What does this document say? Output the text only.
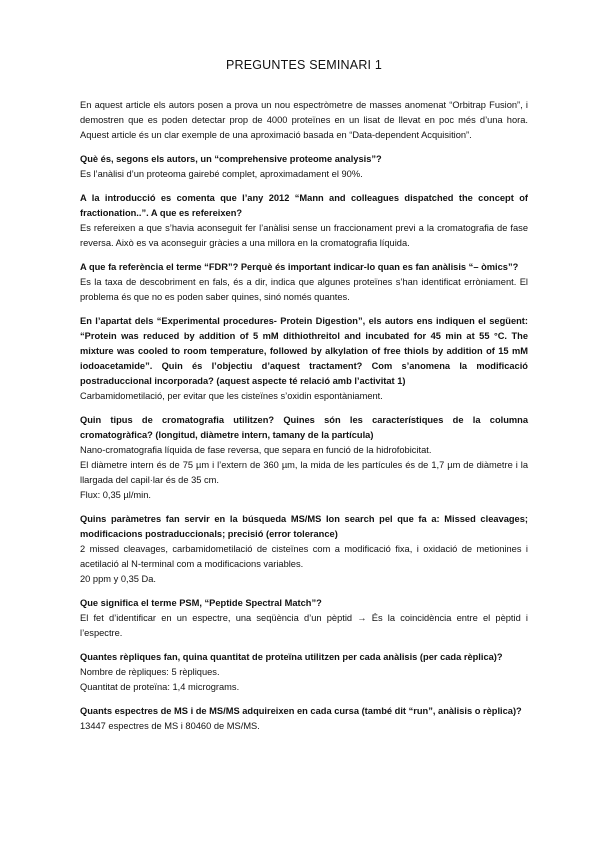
PREGUNTES SEMINARI 1

En aquest article els autors posen a prova un nou espectròmetre de masses anomenat “Orbitrap Fusion”, i demostren que es poden detectar prop de 4000 proteïnes en un lisat de llevat en poc més d’una hora. Aquest article és un clar exemple de una aproximació basada en “Data-dependent Acquisition”.

Què és, segons els autors, un “comprehensive proteome analysis”?

Es l’anàlisi d’un proteoma gairebé complet, aproximadament el 90%.

A la introducció es comenta que l’any 2012 “Mann and colleagues dispatched the concept of fractionation..”. A que es refereixen?

Es refereixen a que s’havia aconseguit fer l’anàlisi sense un fraccionament previ a la cromatografia de fase reversa. Això es va aconseguir gràcies a una millora en la cromatografia líquida.

A que fa referència el terme “FDR”? Perquè és important indicar-lo quan es fan anàlisis “– òmics”?

Es la taxa de descobriment en fals, és a dir, indica que algunes proteïnes s’han identificat erròniament. El problema és que no es poden saber quines, sinó només quantes.

En l’apartat dels “Experimental procedures- Protein Digestion”, els autors ens indiquen el següent: “Protein was reduced by addition of 5 mM dithiothreitol and incubated for 45 min at 55 °C. The mixture was cooled to room temperature, followed by alkylation of free thiols by addition of 15 mM iodoacetamide”. Quin és l’objectiu d’aquest tractament? Com s’anomena la modificació postraduccional incorporada? (aquest aspecte té relació amb l’activitat 1)

Carbamidometilació, per evitar que les cisteïnes s’oxidin espontàniament.

Quin tipus de cromatografia utilitzen? Quines són les característiques de la columna cromatogràfica? (longitud, diàmetre intern, tamany de la partícula)

Nano-cromatografia líquida de fase reversa, que separa en funció de la hidrofobicitat.

El diàmetre intern és de 75 µm i l’extern de 360 µm, la mida de les partícules és de 1,7 µm de diàmetre i la llargada del capil·lar és de 35 cm.

Flux: 0,35 µl/min.

Quins paràmetres fan servir en la búsqueda MS/MS Ion search pel que fa a: Missed cleavages; modificacions postraduccionals; precisió (error tolerance)

2 missed cleavages, carbamidometilació de cisteïnes com a modificació fixa, i oxidació de metionines i acetilació al N-terminal com a modificacions variables.

20 ppm y 0,35 Da.

Que significa el terme PSM, “Peptide Spectral Match”?

El fet d’identificar en un espectre, una seqüència d’un pèptid → És la coincidència entre el pèptid i l’espectre.

Quantes rèpliques fan, quina quantitat de proteïna utilitzen per cada anàlisis (per cada rèplica)?

Nombre de rèpliques: 5 rèpliques.

Quantitat de proteïna: 1,4 micrograms.

Quants espectres de MS i de MS/MS adquireixen en cada cursa (també dit “run”, anàlisis o rèplica)?

13447 espectres de MS i 80460 de MS/MS.
